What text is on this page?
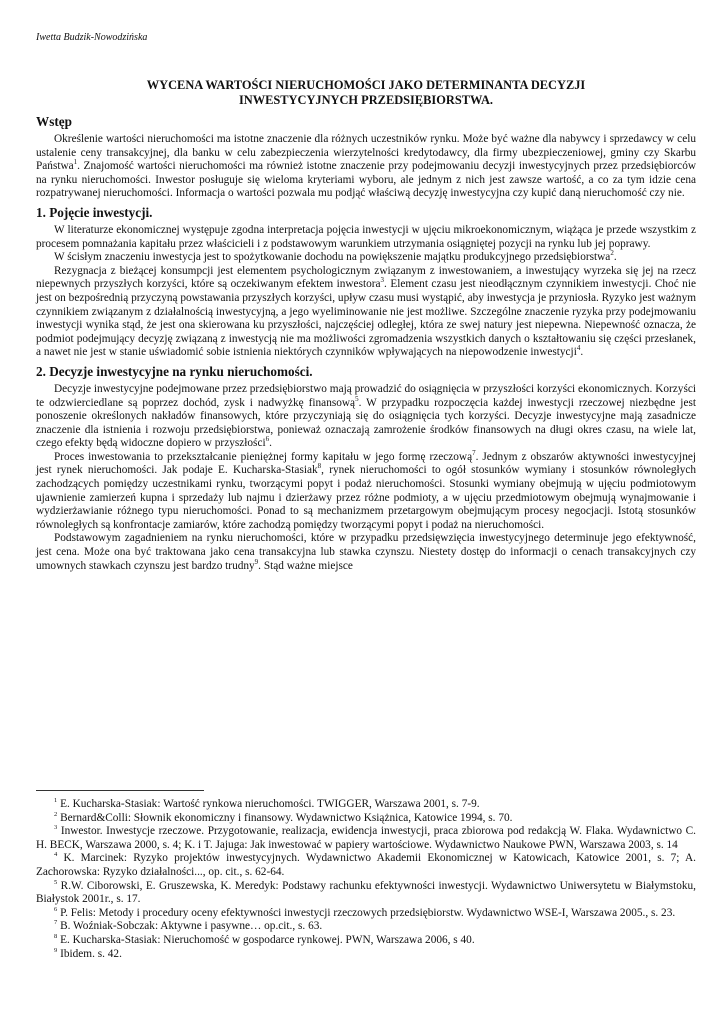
Iwetta Budzik-Nowodzińska
WYCENA WARTOŚCI NIERUCHOMOŚCI JAKO DETERMINANTA DECYZJI
INWESTYCYJNYCH PRZEDSIĘBIORSTWA.
Wstęp

Określenie wartości nieruchomości ma istotne znaczenie dla różnych uczestników rynku. Może być ważne dla nabywcy i sprzedawcy w celu ustalenie ceny transakcyjnej, dla banku w celu zabezpieczenia wierzytelności kredytodawcy, dla firmy ubezpieczeniowej, gminy czy Skarbu Państwa$^1$. Znajomość wartości nieruchomości ma również istotne znaczenie przy podejmowaniu decyzji inwestycyjnych przez przedsiębiorców na rynku nieruchomości. Inwestor posługuje się wieloma kryteriami wyboru, ale jednym z nich jest zawsze wartość, a co za tym idzie cena rozpatrywanej nieruchomości. Informacja o wartości pozwala mu podjąć właściwą decyzję inwestycyjna czy kupić daną nieruchomość czy nie.

1. Pojęcie inwestycji.

W literaturze ekonomicznej występuje zgodna interpretacja pojęcia inwestycji w ujęciu mikroekonomicznym, wiążąca je przede wszystkim z procesem pomnażania kapitału przez właścicieli i z podstawowym warunkiem utrzymania osiągniętej pozycji na rynku lub jej poprawy.

W ścisłym znaczeniu inwestycja jest to spożytkowanie dochodu na powiększenie majątku produkcyjnego przedsiębiorstwa$^2$.

Rezygnacja z bieżącej konsumpcji jest elementem psychologicznym związanym z inwestowaniem, a inwestujący wyrzeka się jej na rzecz niepewnych przyszłych korzyści, które są oczekiwanym efektem inwestora$^3$. Element czasu jest nieodłącznym czynnikiem inwestycji. Choć nie jest on bezpośrednią przyczyną powstawania przyszłych korzyści, upływ czasu musi wystąpić, aby inwestycja je przyniosła. Ryzyko jest ważnym czynnikiem związanym z działalnością inwestycyjną, a jego wyeliminowanie nie jest możliwe. Szczególne znaczenie ryzyka przy podejmowaniu inwestycji wynika stąd, że jest ona skierowana ku przyszłości, najczęściej odległej, która ze swej natury jest niepewna. Niepewność oznacza, że podmiot podejmujący decyzję związaną z inwestycją nie ma możliwości zgromadzenia wszystkich danych o kształtowaniu się części przesłanek, a nawet nie jest w stanie uświadomić sobie istnienia niektórych czynników wpływających na niepowodzenie inwestycji$^4$.

2. Decyzje inwestycyjne na rynku nieruchomości.

Decyzje inwestycyjne podejmowane przez przedsiębiorstwo mają prowadzić do osiągnięcia w przyszłości korzyści ekonomicznych. Korzyści te odzwierciedlane są poprzez dochód, zysk i nadwyżkę finansową$^5$. W przypadku rozpoczęcia każdej inwestycji rzeczowej niezbędne jest ponoszenie określonych nakładów finansowych, które przyczyniają się do osiągnięcia tych korzyści. Decyzje inwestycyjne mają zasadnicze znaczenie dla istnienia i rozwoju przedsiębiorstwa, ponieważ oznaczają zamrożenie środków finansowych na długi okres czasu, na wiele lat, czego efekty będą widoczne dopiero w przyszłości$^6$.

Proces inwestowania to przekształcanie pieniężnej formy kapitału w jego formę rzeczową$^7$. Jednym z obszarów aktywności inwestycyjnej jest rynek nieruchomości. Jak podaje E. Kucharska-Stasiak$^8$, rynek nieruchomości to ogół stosunków wymiany i stosunków równoległych zachodzących pomiędzy uczestnikami rynku, tworzącymi popyt i podaż nieruchomości. Stosunki wymiany obejmują w ujęciu podmiotowym ujawnienie zamierzeń kupna i sprzedaży lub najmu i dzierżawy przez różne podmioty, a w ujęciu przedmiotowym obejmują wynajmowanie i wydzierżawianie różnego typu nieruchomości. Ponad to są mechanizmem przetargowym obejmującym procesy negocjacji. Istotą stosunków równoległych są konfrontacje zamiarów, które zachodzą pomiędzy tworzącymi popyt i podaż na nieruchomości.

Podstawowym zagadnieniem na rynku nieruchomości, które w przypadku przedsięwzięcia inwestycyjnego determinuje jego efektywność, jest cena. Może ona być traktowana jako cena transakcyjna lub stawka czynszu. Niestety dostęp do informacji o cenach transakcyjnych czy umownych stawkach czynszu jest bardzo trudny$^9$. Stąd ważne miejsce

$^1$ E. Kucharska-Stasiak: Wartość rynkowa nieruchomości. TWIGGER, Warszawa 2001, s. 7-9.

$^2$ Bernard&Colli: Słownik ekonomiczny i finansowy. Wydawnictwo Książnica, Katowice 1994, s. 70.

$^3$ Inwestor. Inwestycje rzeczowe. Przygotowanie, realizacja, ewidencja inwestycji, praca zbiorowa pod redakcją W. Flaka. Wydawnictwo C. H. BECK, Warszawa 2000, s. 4; K. i T. Jajuga: Jak inwestować w papiery wartościowe. Wydawnictwo Naukowe PWN, Warszawa 2003, s. 14

$^4$ K. Marcinek: Ryzyko projektów inwestycyjnych. Wydawnictwo Akademii Ekonomicznej w Katowicach, Katowice 2001, s. 7; A. Zachorowska: Ryzyko działalności..., op. cit., s. 62-64.

$^5$ R.W. Ciborowski, E. Gruszewska, K. Meredyk: Podstawy rachunku efektywności inwestycji. Wydawnictwo Uniwersytetu w Białymstoku, Białystok 2001r., s. 17.

$^6$ P. Felis: Metody i procedury oceny efektywności inwestycji rzeczowych przedsiębiorstw. Wydawnictwo WSE-I, Warszawa 2005., s. 23.

$^7$ B. Woźniak-Sobczak: Aktywne i pasywne… op.cit., s. 63.

$^8$ E. Kucharska-Stasiak: Nieruchomość w gospodarce rynkowej. PWN, Warszawa 2006, s 40.

$^9$ Ibidem. s. 42.
